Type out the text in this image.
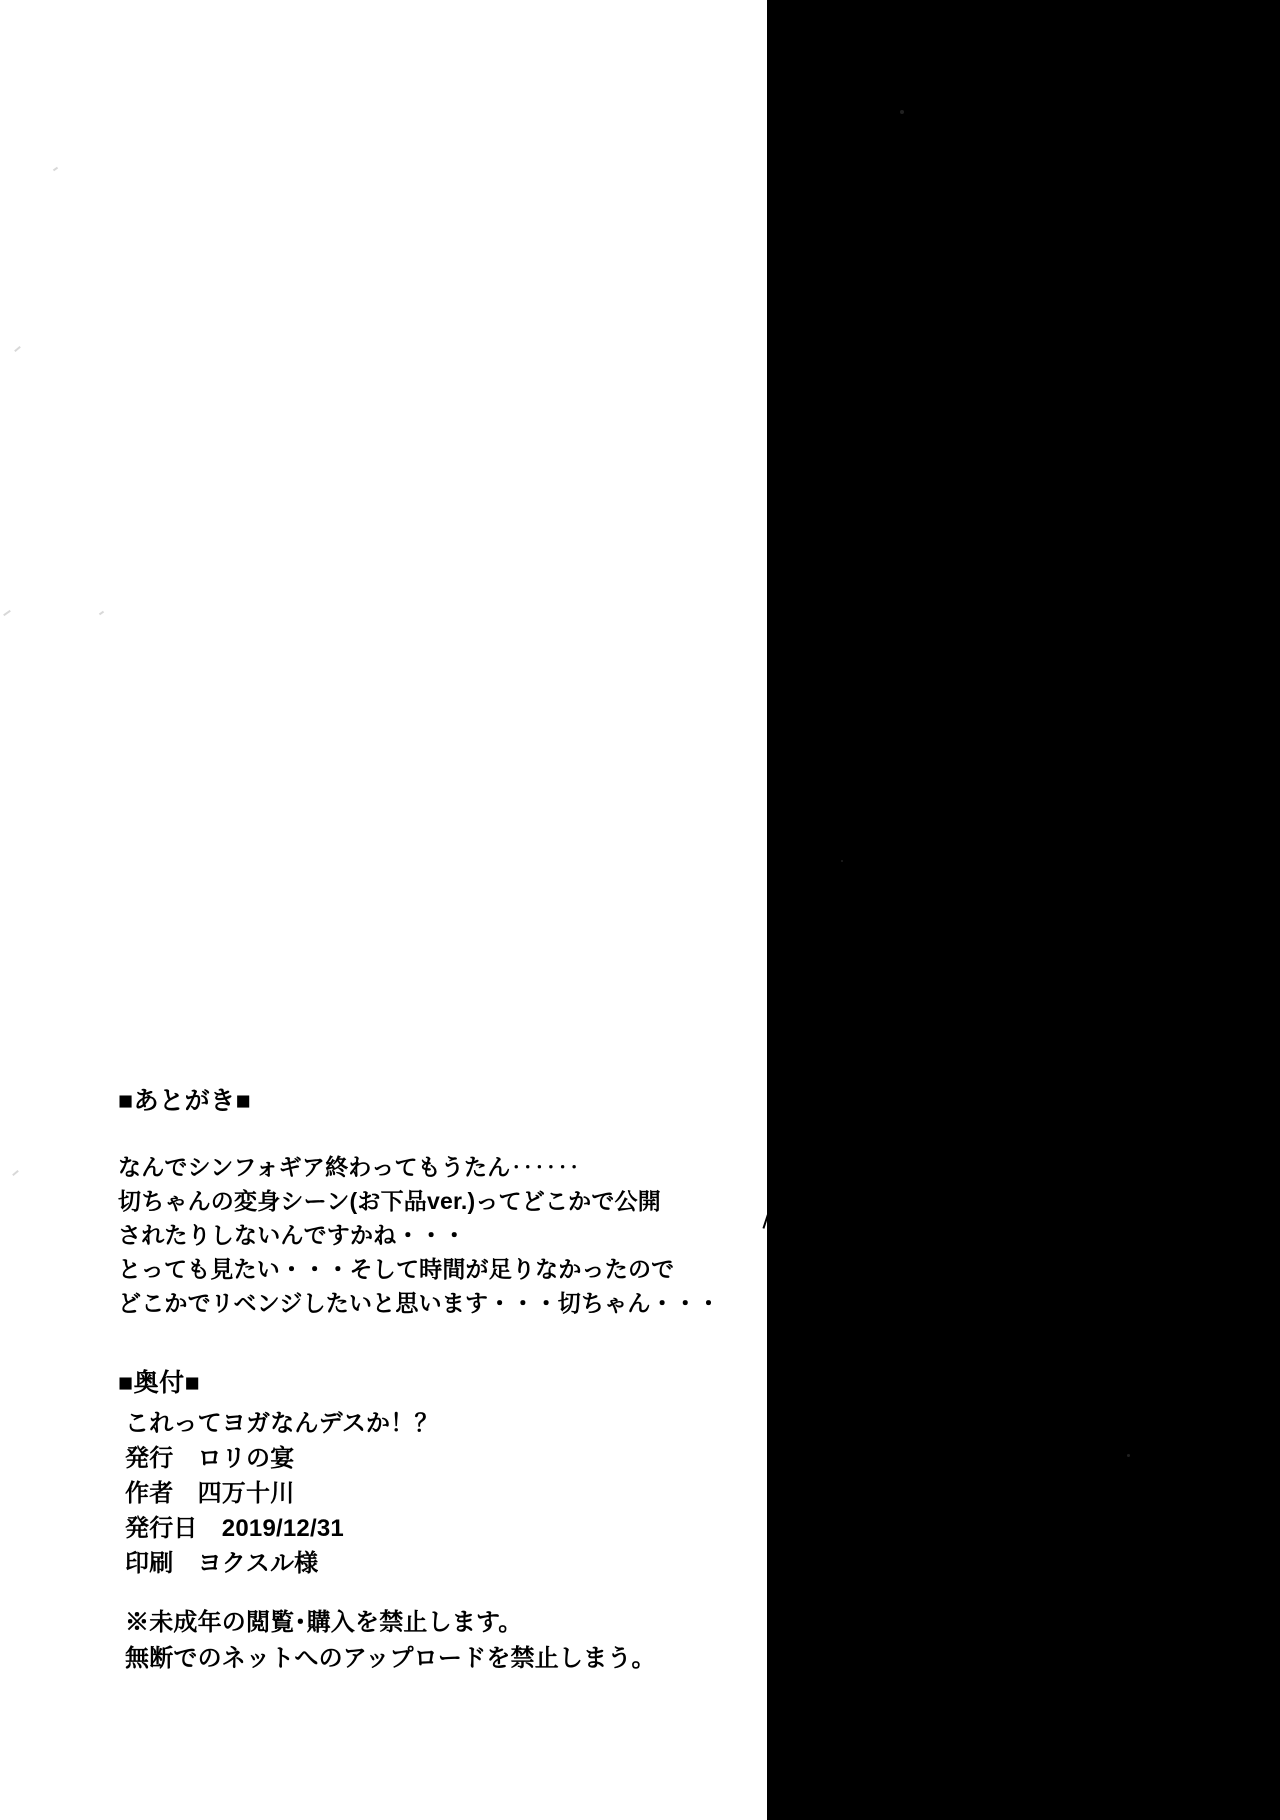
■あとがき■
なんでシンフォギア終わってもうたん‥‥‥
切ちゃんの変身シーン(お下品ver.)ってどこかで公開
されたりしないんですかね・・・
とっても見たい・・・そして時間が足りなかったので
どこかでリベンジしたいと思います・・・切ちゃん・・・
■奥付■
これってヨガなんデスか！？
発行　ロリの宴
作者　四万十川
発行日　2019/12/31
印刷　ヨクスル様
※未成年の閲覧･購入を禁止します。
無断でのネットへのアップロードを禁止しまう。
